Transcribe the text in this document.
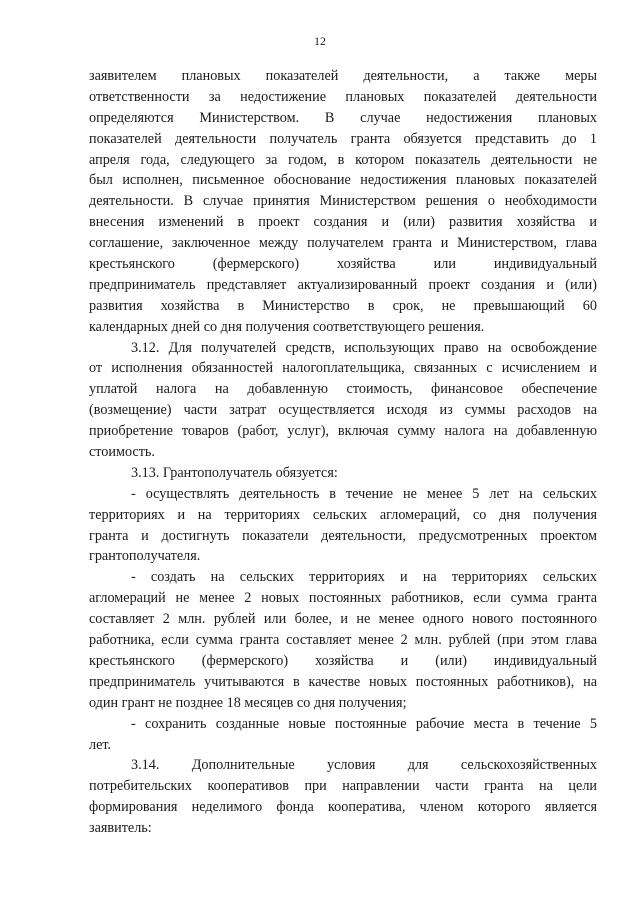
12
заявителем плановых показателей деятельности, а также меры
ответственности за недостижение плановых показателей деятельности
определяются Министерством. В случае недостижения плановых
показателей деятельности получатель гранта обязуется представить до 1
апреля года, следующего за годом, в котором показатель деятельности не
был исполнен, письменное обоснование недостижения плановых показателей
деятельности. В случае принятия Министерством решения о необходимости
внесения изменений в проект создания и (или) развития хозяйства и
соглашение, заключенное между получателем гранта и Министерством, глава
крестьянского (фермерского) хозяйства или индивидуальный
предприниматель представляет актуализированный проект создания и (или)
развития хозяйства в Министерство в срок, не превышающий 60
календарных дней со дня получения соответствующего решения.
3.12. Для получателей средств, использующих право на освобождение
от исполнения обязанностей налогоплательщика, связанных с исчислением и
уплатой налога на добавленную стоимость, финансовое обеспечение
(возмещение) части затрат осуществляется исходя из суммы расходов на
приобретение товаров (работ, услуг), включая сумму налога на добавленную
стоимость.
3.13. Грантополучатель обязуется:
- осуществлять деятельность в течение не менее 5 лет на сельских
территориях и на территориях сельских агломераций, со дня получения
гранта и достигнуть показатели деятельности, предусмотренных проектом
грантополучателя.
- создать на сельских территориях и на территориях сельских
агломераций не менее 2 новых постоянных работников, если сумма гранта
составляет 2 млн. рублей или более, и не менее одного нового постоянного
работника, если сумма гранта составляет менее 2 млн. рублей (при этом глава
крестьянского (фермерского) хозяйства и (или) индивидуальный
предприниматель учитываются в качестве новых постоянных работников), на
один грант не позднее 18 месяцев со дня получения;
- сохранить созданные новые постоянные рабочие места в течение 5
лет.
3.14. Дополнительные условия для сельскохозяйственных
потребительских кооперативов при направлении части гранта на цели
формирования неделимого фонда кооператива, членом которого является
заявитель:
